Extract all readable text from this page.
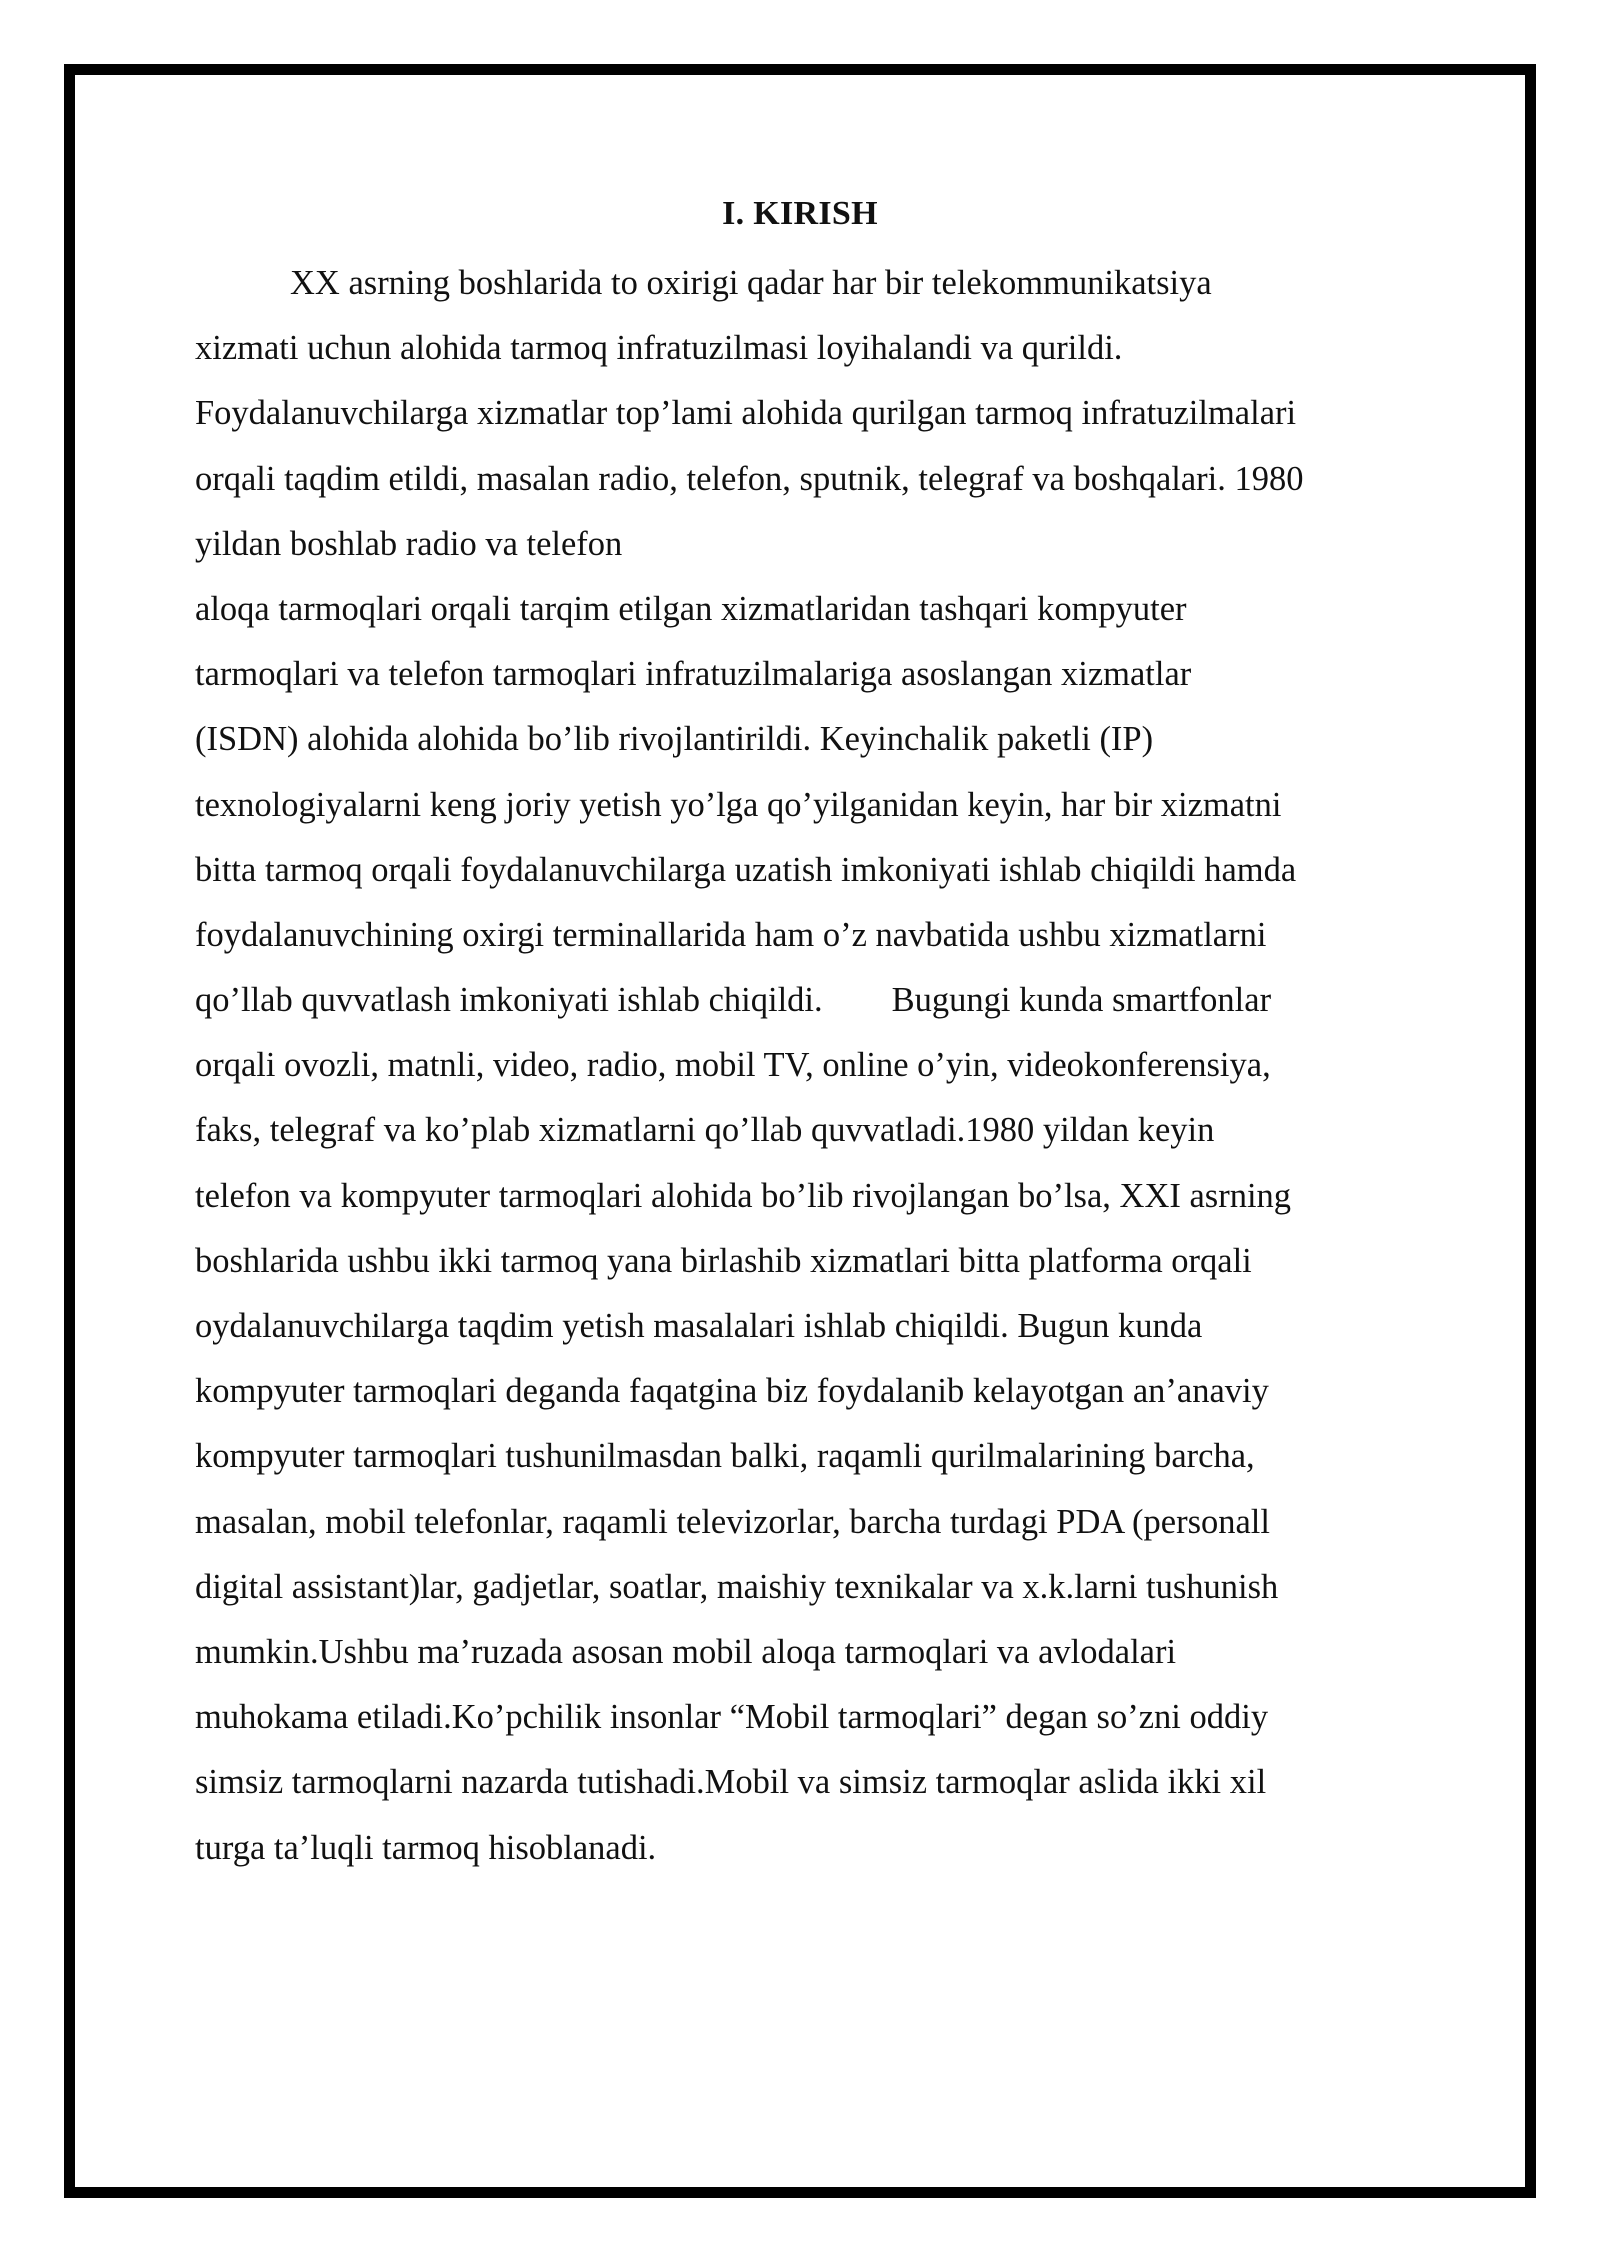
I. KIRISH
XX asrning boshlarida to oxirigi qadar har bir telekommunikatsiya
xizmati uchun alohida tarmoq infratuzilmasi loyihalandi va qurildi.
Foydalanuvchilarga xizmatlar top’lami alohida qurilgan tarmoq infratuzilmalari
orqali taqdim etildi, masalan radio, telefon, sputnik, telegraf va boshqalari. 1980
yildan boshlab radio va telefon
aloqa tarmoqlari orqali tarqim etilgan xizmatlaridan tashqari kompyuter
tarmoqlari va telefon tarmoqlari infratuzilmalariga asoslangan xizmatlar
(ISDN) alohida alohida bo’lib rivojlantirildi. Keyinchalik paketli (IP)
texnologiyalarni keng joriy yetish yo’lga qo’yilganidan keyin, har bir xizmatni
bitta tarmoq orqali foydalanuvchilarga uzatish imkoniyati ishlab chiqildi hamda
foydalanuvchining oxirgi terminallarida ham o’z navbatida ushbu xizmatlarni
qo’llab quvvatlash imkoniyati ishlab chiqildi.        Bugungi kunda smartfonlar
orqali ovozli, matnli, video, radio, mobil TV, online o’yin, videokonferensiya,
faks, telegraf va ko’plab xizmatlarni qo’llab quvvatladi.1980 yildan keyin
telefon va kompyuter tarmoqlari alohida bo’lib rivojlangan bo’lsa, XXI asrning
boshlarida ushbu ikki tarmoq yana birlashib xizmatlari bitta platforma orqali
oydalanuvchilarga taqdim yetish masalalari ishlab chiqildi. Bugun kunda
kompyuter tarmoqlari deganda faqatgina biz foydalanib kelayotgan an’anaviy
kompyuter tarmoqlari tushunilmasdan balki, raqamli qurilmalarining barcha,
masalan, mobil telefonlar, raqamli televizorlar, barcha turdagi PDA (personall
digital assistant)lar, gadjetlar, soatlar, maishiy texnikalar va x.k.larni tushunish
mumkin.Ushbu ma’ruzada asosan mobil aloqa tarmoqlari va avlodalari
muhokama etiladi.Ko’pchilik insonlar “Mobil tarmoqlari” degan so’zni oddiy
simsiz tarmoqlarni nazarda tutishadi.Mobil va simsiz tarmoqlar aslida ikki xil
turga ta’luqli tarmoq hisoblanadi.
